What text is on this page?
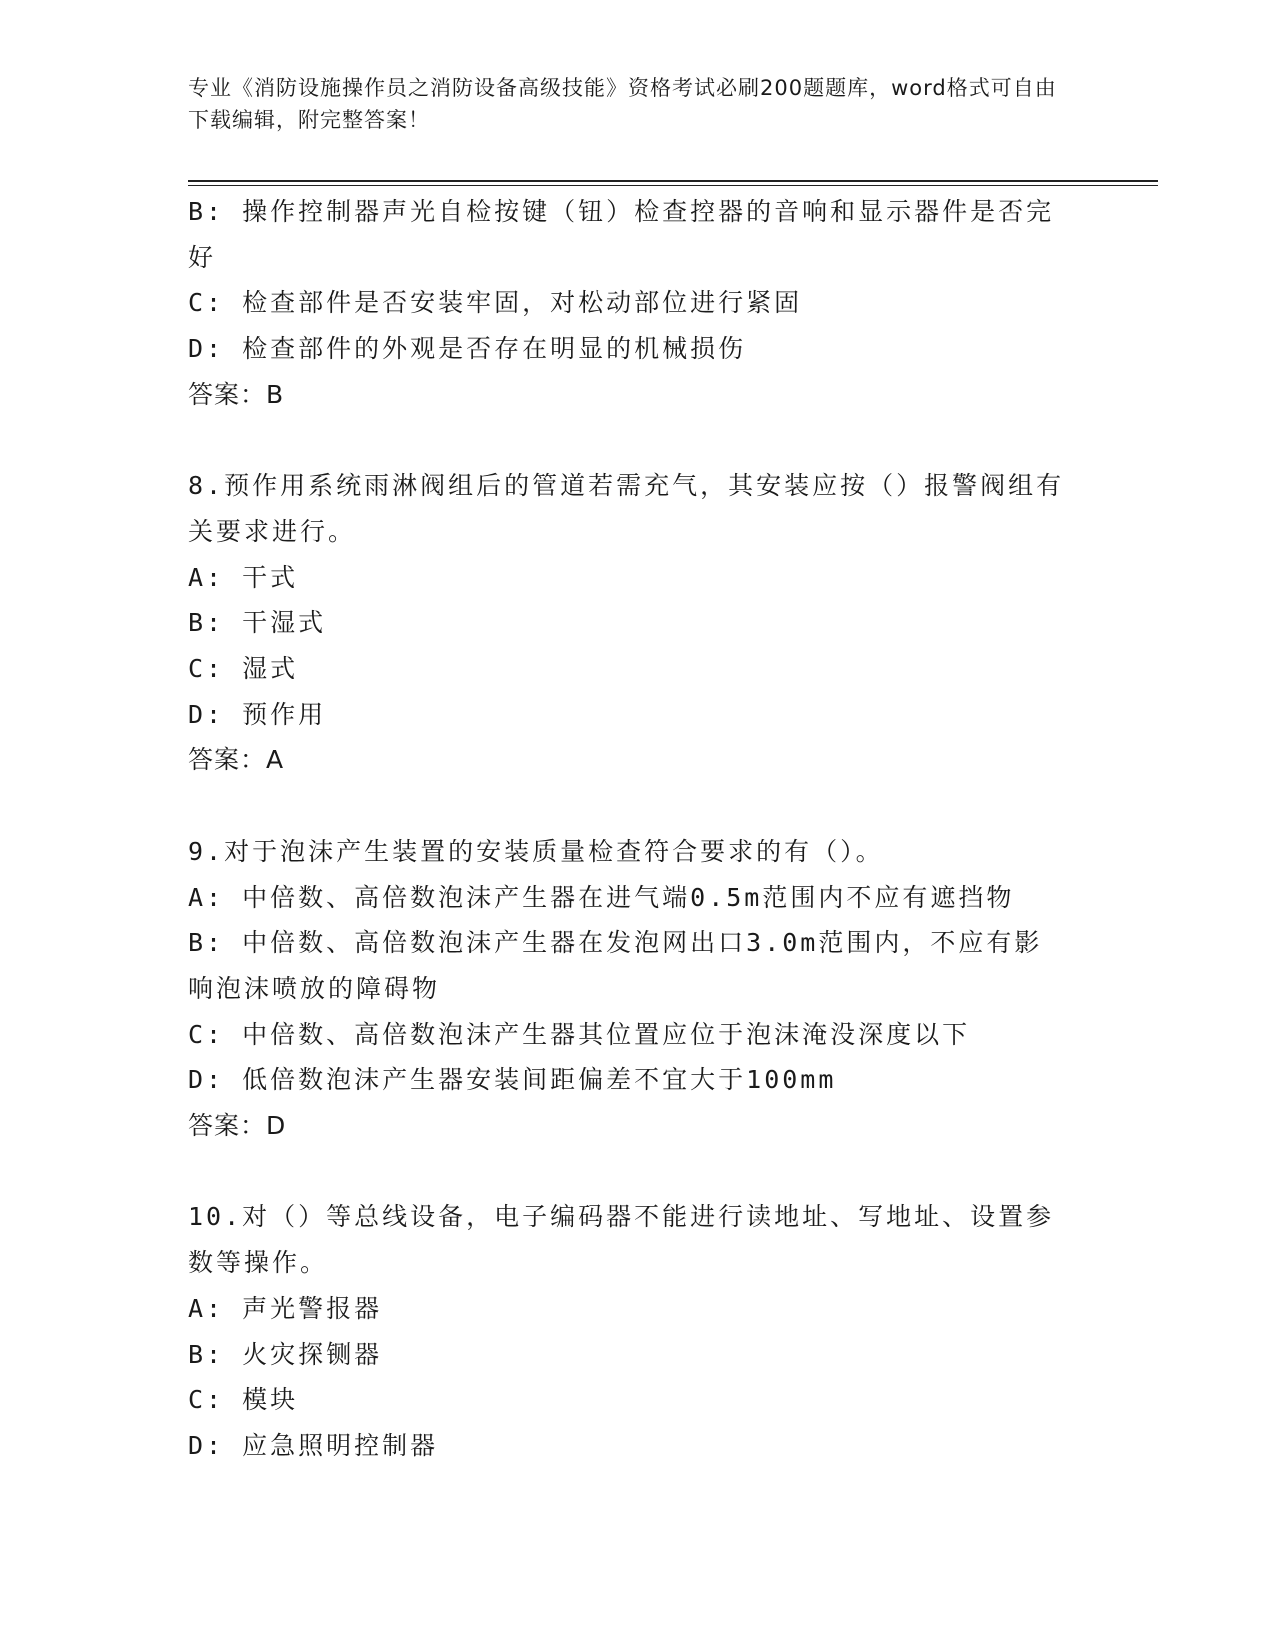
专业《消防设施操作员之消防设备高级技能》资格考试必刷200题题库，word格式可自由下载编辑，附完整答案！
B: 操作控制器声光自检按键（钮）检查控器的音响和显示器件是否完好
C: 检查部件是否安装牢固，对松动部位进行紧固
D: 检查部件的外观是否存在明显的机械损伤
答案：B
8.预作用系统雨淋阀组后的管道若需充气，其安装应按（）报警阀组有关要求进行。
A: 干式
B: 干湿式
C: 湿式
D: 预作用
答案：A
9.对于泡沫产生装置的安装质量检查符合要求的有（）。
A: 中倍数、高倍数泡沫产生器在进气端0.5m范围内不应有遮挡物
B: 中倍数、高倍数泡沫产生器在发泡网出口3.0m范围内，不应有影响泡沫喷放的障碍物
C: 中倍数、高倍数泡沫产生器其位置应位于泡沫淹没深度以下
D: 低倍数泡沫产生器安装间距偏差不宜大于100mm
答案：D
10.对（）等总线设备，电子编码器不能进行读地址、写地址、设置参数等操作。
A: 声光警报器
B: 火灾探铡器
C: 模块
D: 应急照明控制器
